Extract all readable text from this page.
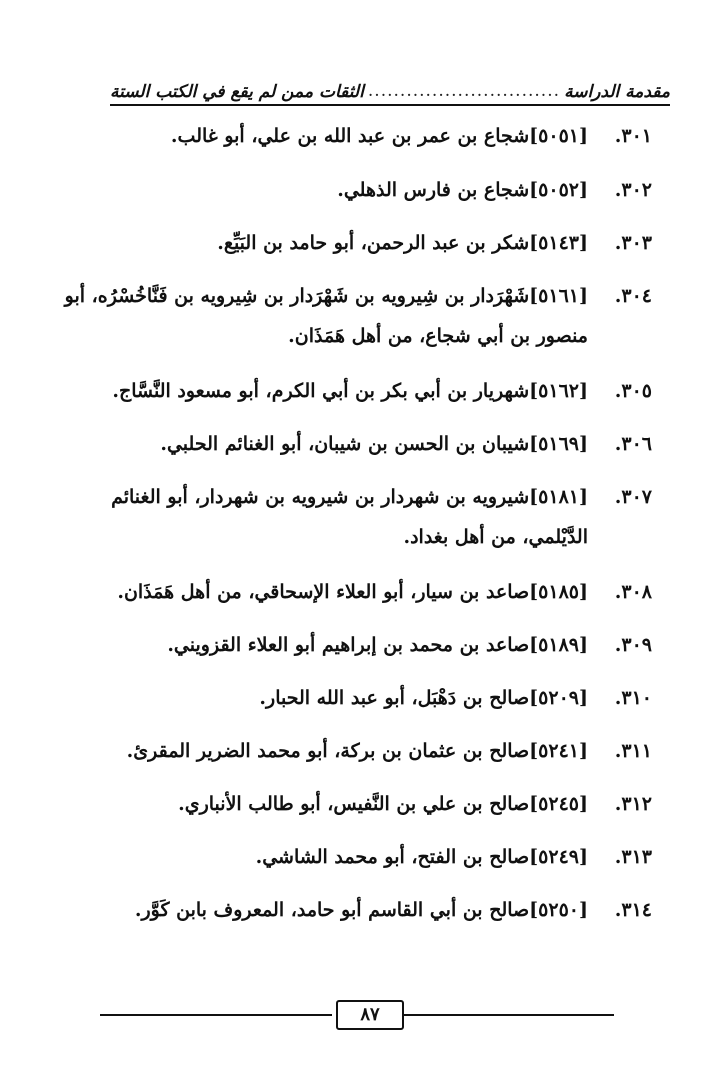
مقدمة الدراسة
..............................
الثقات ممن لم يقع في الكتب الستة
٣٠١.
[٥٠٥١]شجاع بن عمر بن عبد الله بن علي، أبو غالب.
٣٠٢.
[٥٠٥٢]شجاع بن فارس الذهلي.
٣٠٣.
[٥١٤٣]شكر بن عبد الرحمن، أبو حامد بن البَيِّع.
٣٠٤.
[٥١٦١]شَهْرَدار بن شِيرويه بن شَهْرَدار بن شِيرويه بن فَنَّاخُسْرُه، أبو منصور بن أبي شجاع، من أهل هَمَذَان.
٣٠٥.
[٥١٦٢]شهريار بن أبي بكر بن أبي الكرم، أبو مسعود النَّسَّاج.
٣٠٦.
[٥١٦٩]شيبان بن الحسن بن شيبان، أبو الغنائم الحلبي.
٣٠٧.
[٥١٨١]شيرويه بن شهردار بن شيرويه بن شهردار، أبو الغنائم الدَّيْلمي، من أهل بغداد.
٣٠٨.
[٥١٨٥]صاعد بن سيار، أبو العلاء الإسحاقي، من أهل هَمَذَان.
٣٠٩.
[٥١٨٩]صاعد بن محمد بن إبراهيم أبو العلاء القزويني.
٣١٠.
[٥٢٠٩]صالح بن دَهْبَل، أبو عبد الله الحبار.
٣١١.
[٥٢٤١]صالح بن عثمان بن بركة، أبو محمد الضرير المقرئ.
٣١٢.
[٥٢٤٥]صالح بن علي بن النَّفيس، أبو طالب الأنباري.
٣١٣.
[٥٢٤٩]صالح بن الفتح، أبو محمد الشاشي.
٣١٤.
[٥٢٥٠]صالح بن أبي القاسم أبو حامد، المعروف بابن كَوَّر.
٨٧
